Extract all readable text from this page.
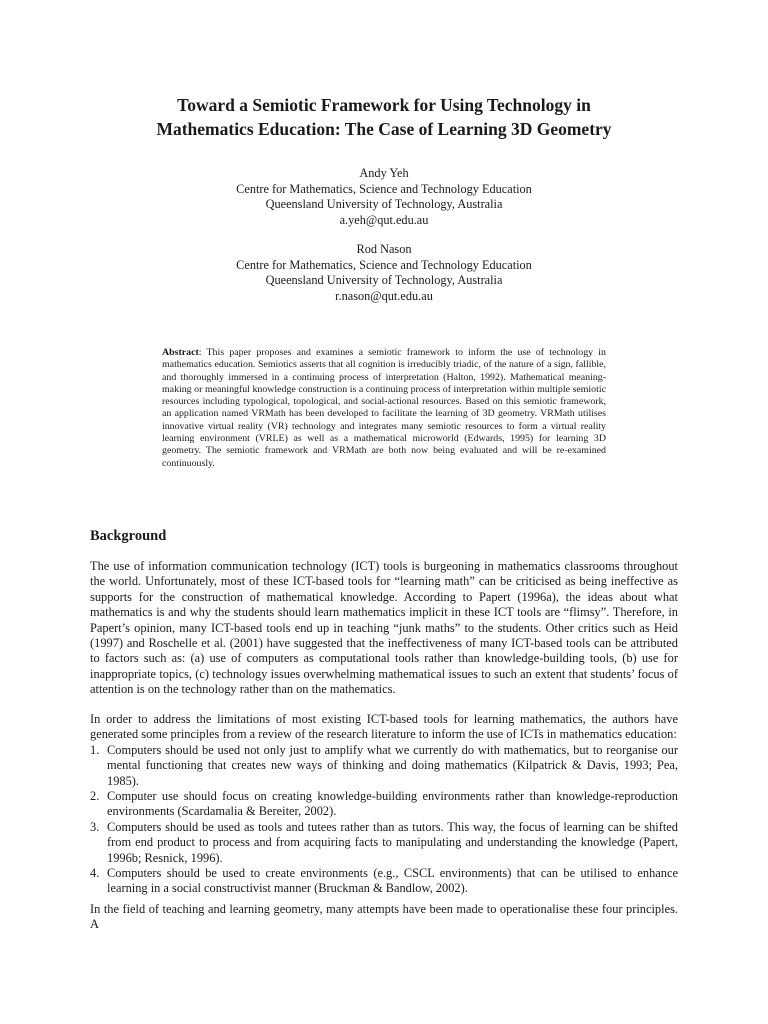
Toward a Semiotic Framework for Using Technology in
Mathematics Education: The Case of Learning 3D Geometry
Andy Yeh
Centre for Mathematics, Science and Technology Education
Queensland University of Technology, Australia
a.yeh@qut.edu.au
Rod Nason
Centre for Mathematics, Science and Technology Education
Queensland University of Technology, Australia
r.nason@qut.edu.au
Abstract: This paper proposes and examines a semiotic framework to inform the use of technology in mathematics education. Semiotics asserts that all cognition is irreducibly triadic, of the nature of a sign, fallible, and thoroughly immersed in a continuing process of interpretation (Halton, 1992). Mathematical meaning-making or meaningful knowledge construction is a continuing process of interpretation within multiple semiotic resources including typological, topological, and social-actional resources. Based on this semiotic framework, an application named VRMath has been developed to facilitate the learning of 3D geometry. VRMath utilises innovative virtual reality (VR) technology and integrates many semiotic resources to form a virtual reality learning environment (VRLE) as well as a mathematical microworld (Edwards, 1995) for learning 3D geometry. The semiotic framework and VRMath are both now being evaluated and will be re-examined continuously.
Background

The use of information communication technology (ICT) tools is burgeoning in mathematics classrooms throughout the world. Unfortunately, most of these ICT-based tools for “learning math” can be criticised as being ineffective as supports for the construction of mathematical knowledge. According to Papert (1996a), the ideas about what mathematics is and why the students should learn mathematics implicit in these ICT tools are “flimsy”. Therefore, in Papert’s opinion, many ICT-based tools end up in teaching “junk maths” to the students. Other critics such as Heid (1997) and Roschelle et al. (2001) have suggested that the ineffectiveness of many ICT-based tools can be attributed to factors such as: (a) use of computers as computational tools rather than knowledge-building tools, (b) use for inappropriate topics, (c) technology issues overwhelming mathematical issues to such an extent that students’ focus of attention is on the technology rather than on the mathematics.

In order to address the limitations of most existing ICT-based tools for learning mathematics, the authors have generated some principles from a review of the research literature to inform the use of ICTs in mathematics education:
1. Computers should be used not only just to amplify what we currently do with mathematics, but to reorganise our mental functioning that creates new ways of thinking and doing mathematics (Kilpatrick & Davis, 1993; Pea, 1985).
2. Computer use should focus on creating knowledge-building environments rather than knowledge-reproduction environments (Scardamalia & Bereiter, 2002).
3. Computers should be used as tools and tutees rather than as tutors. This way, the focus of learning can be shifted from end product to process and from acquiring facts to manipulating and understanding the knowledge (Papert, 1996b; Resnick, 1996).
4. Computers should be used to create environments (e.g., CSCL environments) that can be utilised to enhance learning in a social constructivist manner (Bruckman & Bandlow, 2002).

In the field of teaching and learning geometry, many attempts have been made to operationalise these four principles. A
